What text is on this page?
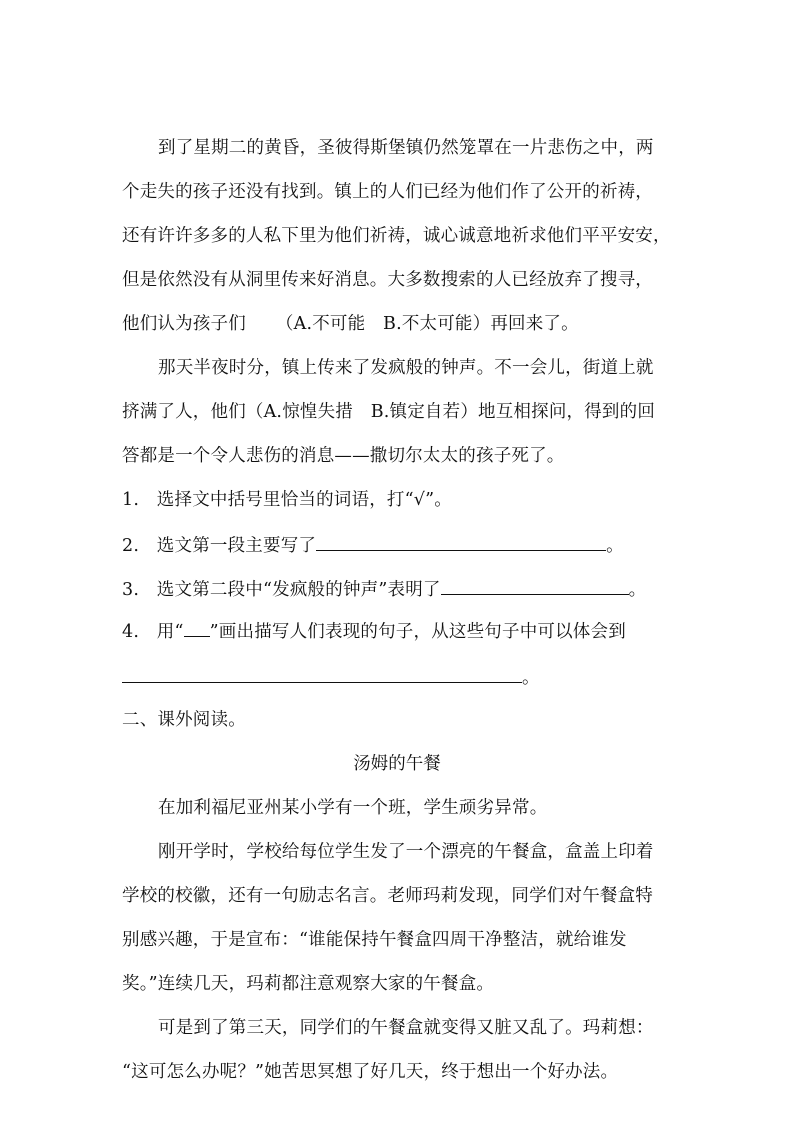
到了星期二的黄昏，圣彼得斯堡镇仍然笼罩在一片悲伤之中，两
个走失的孩子还没有找到。镇上的人们已经为他们作了公开的祈祷，
还有许许多多的人私下里为他们祈祷，诚心诚意地祈求他们平平安安，
但是依然没有从洞里传来好消息。大多数搜索的人已经放弃了搜寻，
他们认为孩子们 （A.不可能　B.不太可能）再回来了。
那天半夜时分，镇上传来了发疯般的钟声。不一会儿，街道上就
挤满了人，他们（A.惊惶失措　B.镇定自若）地互相探问，得到的回
答都是一个令人悲伤的消息——撒切尔太太的孩子死了。
1.　选择文中括号里恰当的词语，打“√”。
2.　选文第一段主要写了	。
3.　选文第二段中“发疯般的钟声”表明了	。
4.　用“ ”画出描写人们表现的句子，从这些句子中可以体会到
。
二、课外阅读。
汤姆的午餐
在加利福尼亚州某小学有一个班，学生顽劣异常。
刚开学时，学校给每位学生发了一个漂亮的午餐盒，盒盖上印着
学校的校徽，还有一句励志名言。老师玛莉发现，同学们对午餐盒特
别感兴趣，于是宣布：“谁能保持午餐盒四周干净整洁，就给谁发
奖。”连续几天，玛莉都注意观察大家的午餐盒。
可是到了第三天，同学们的午餐盒就变得又脏又乱了。玛莉想：
“这可怎么办呢？”她苦思冥想了好几天，终于想出一个好办法。
